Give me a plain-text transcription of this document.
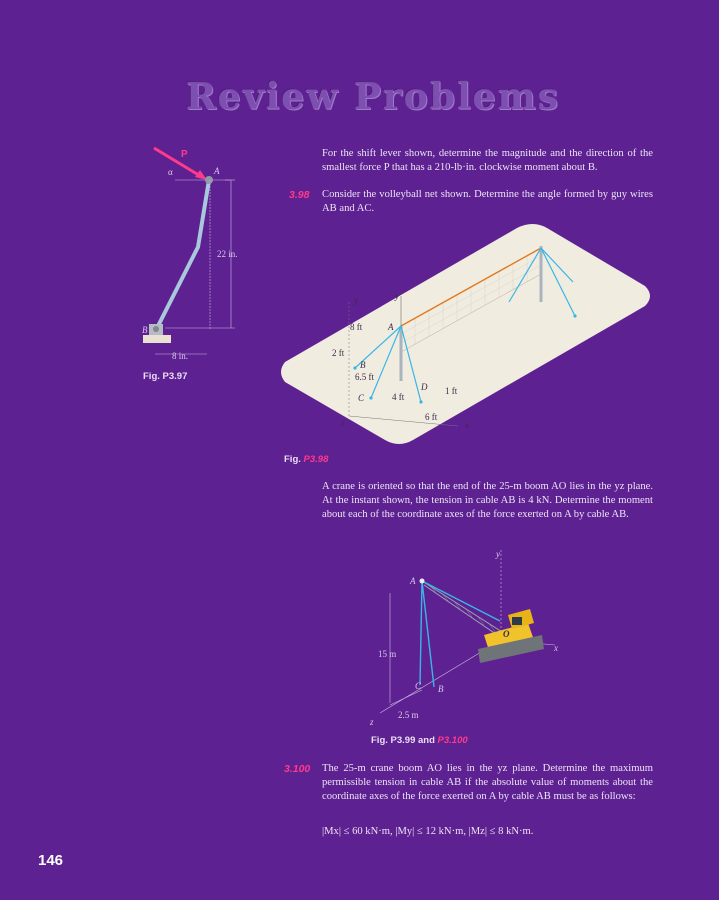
Review Problems
P
α	A
B
22 in.
8 in.
Fig. P3.97
For the shift lever shown, determine the magnitude and the direction of the smallest force P that has a 210-lb·in. clockwise moment about B.
3.98 Consider the volleyball net shown. Determine the angle formed by guy wires AB and AC.
y
y
x
z
A
B
C
D
8 ft
2 ft
6.5 ft
4 ft
1 ft
6 ft
Fig. P3.98
A crane is oriented so that the end of the 25-m boom AO lies in the yz plane. At the instant shown, the tension in cable AB is 4 kN. Determine the moment about each of the coordinate axes of the force exerted on A by cable AB.
y
x
z
O
A
B
C
15 m
2.5 m
Fig. P3.99 and P3.100
3.100 The 25-m crane boom AO lies in the yz plane. Determine the maximum permissible tension in cable AB if the absolute value of moments about the coordinate axes of the force exerted on A by cable AB must be as follows:
|Mx| ≤ 60 kN·m, |My| ≤ 12 kN·m, |Mz| ≤ 8 kN·m.
146
